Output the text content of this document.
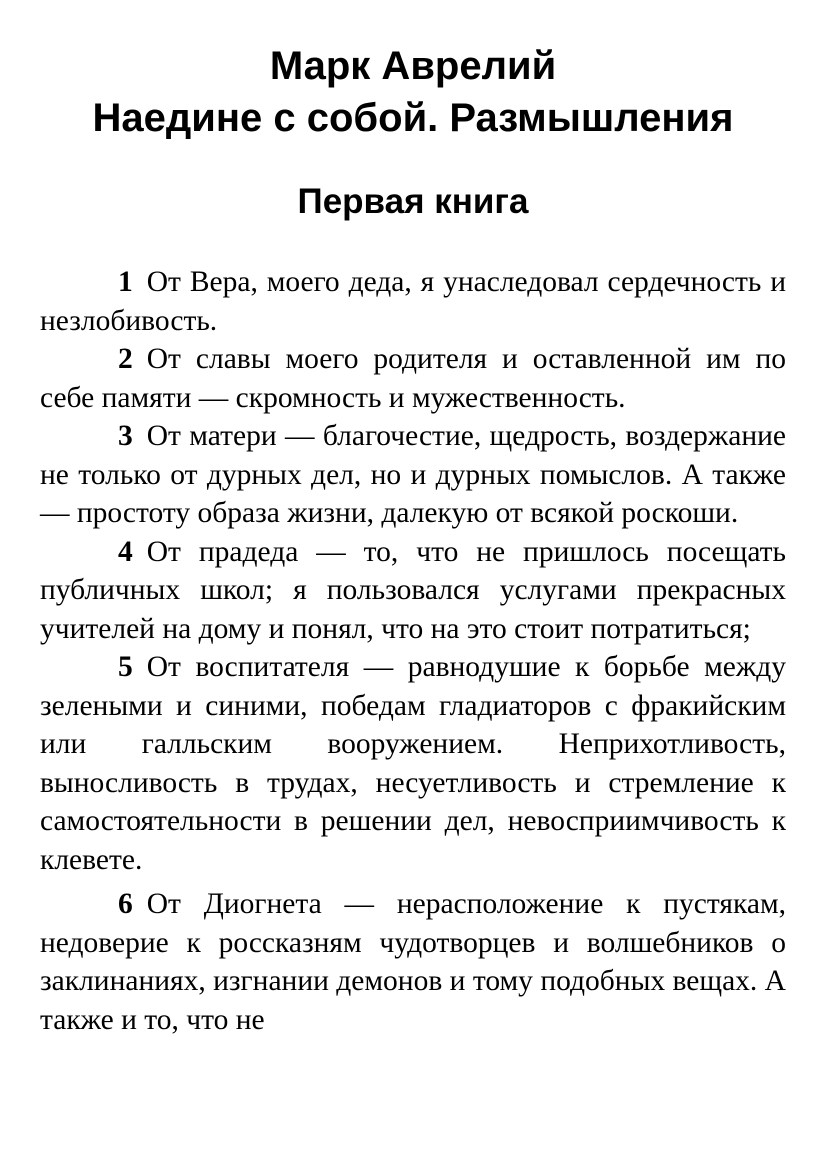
Марк Аврелий
Наедине с собой. Размышления
Первая книга

1 От Вера, моего деда, я унаследовал сердечность и незлобивость.

2 От славы моего родителя и оставленной им по себе памяти — скромность и мужественность.

3 От матери — благочестие, щедрость, воздержание не только от дурных дел, но и дурных помыслов. А также — простоту образа жизни, далекую от всякой роскоши.

4 От прадеда — то, что не пришлось посещать публичных школ; я пользовался услугами прекрасных учителей на дому и понял, что на это стоит потратиться;

5 От воспитателя — равнодушие к борьбе между зелеными и синими, победам гладиаторов с фракийским или галльским вооружением. Неприхотливость, выносливость в трудах, несуетливость и стремление к самостоятельности в решении дел, невосприимчивость к клевете.

6 От Диогнета — нерасположение к пустякам, недоверие к россказням чудотворцев и волшебников о заклинаниях, изгнании демонов и тому подобных вещах. А также и то, что не
